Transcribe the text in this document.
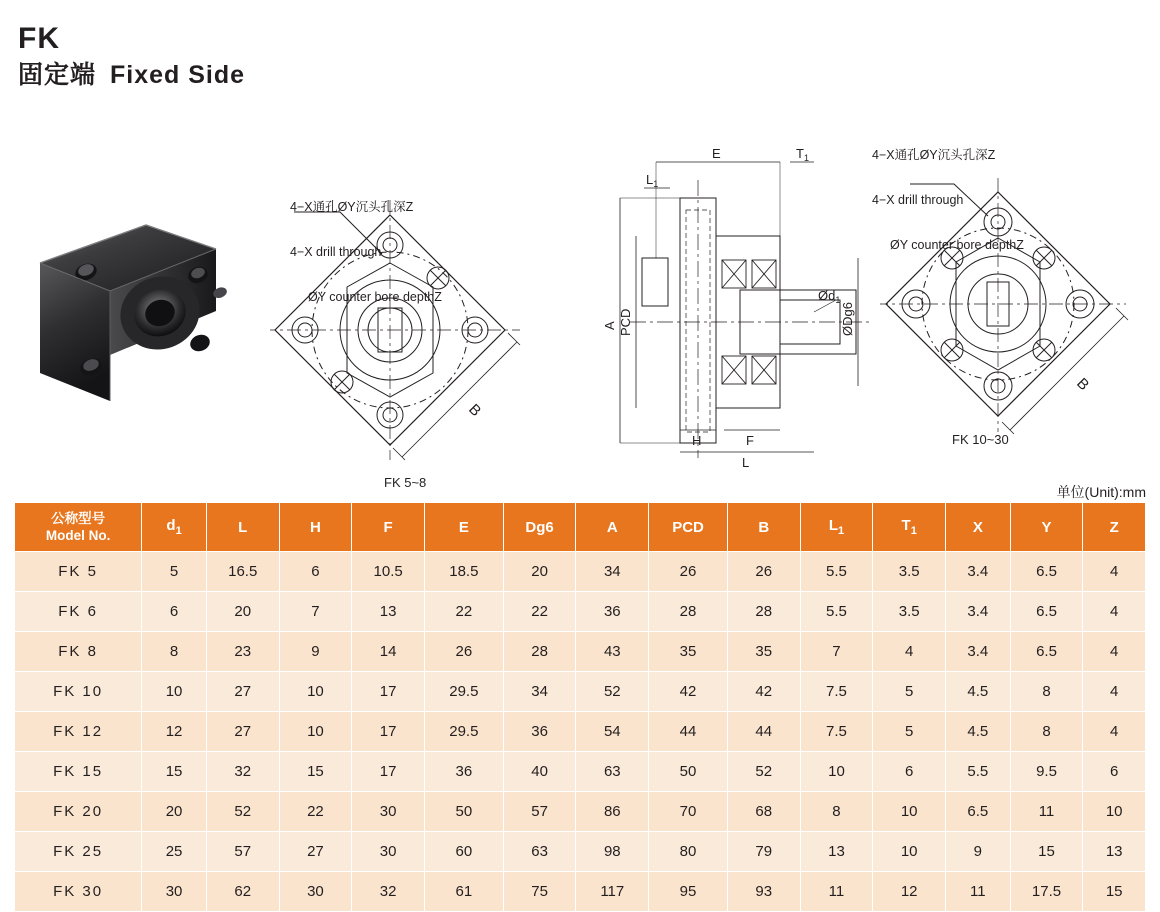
FK
固定端 Fixed Side
B

4−X通孔ØY沉头孔深Z

4−X drill through

ØY counter bore depthZ

FK 5~8
E	$T_1$
$L_1$
A PCD	ØDg6
$Ød_1$
H	F
L
B

4−X通孔ØY沉头孔深Z

4−X drill through

ØY counter bore depthZ

FK 10~30
单位(Unit):mm
公称型号
Model No.	$d_1$	L	H	F	E	Dg6	A	PCD	B	$L_1$	$T_1$	X	Y	Z
FK 5	5	16.5	6	10.5	18.5	20	34	26	26	5.5	3.5	3.4	6.5	4
FK 6	6	20	7	13	22	22	36	28	28	5.5	3.5	3.4	6.5	4
FK 8	8	23	9	14	26	28	43	35	35	7	4	3.4	6.5	4
FK 10	10	27	10	17	29.5	34	52	42	42	7.5	5	4.5	8	4
FK 12	12	27	10	17	29.5	36	54	44	44	7.5	5	4.5	8	4
FK 15	15	32	15	17	36	40	63	50	52	10	6	5.5	9.5	6
FK 20	20	52	22	30	50	57	86	70	68	8	10	6.5	11	10
FK 25	25	57	27	30	60	63	98	80	79	13	10	9	15	13
FK 30	30	62	30	32	61	75	117	95	93	11	12	11	17.5	15
